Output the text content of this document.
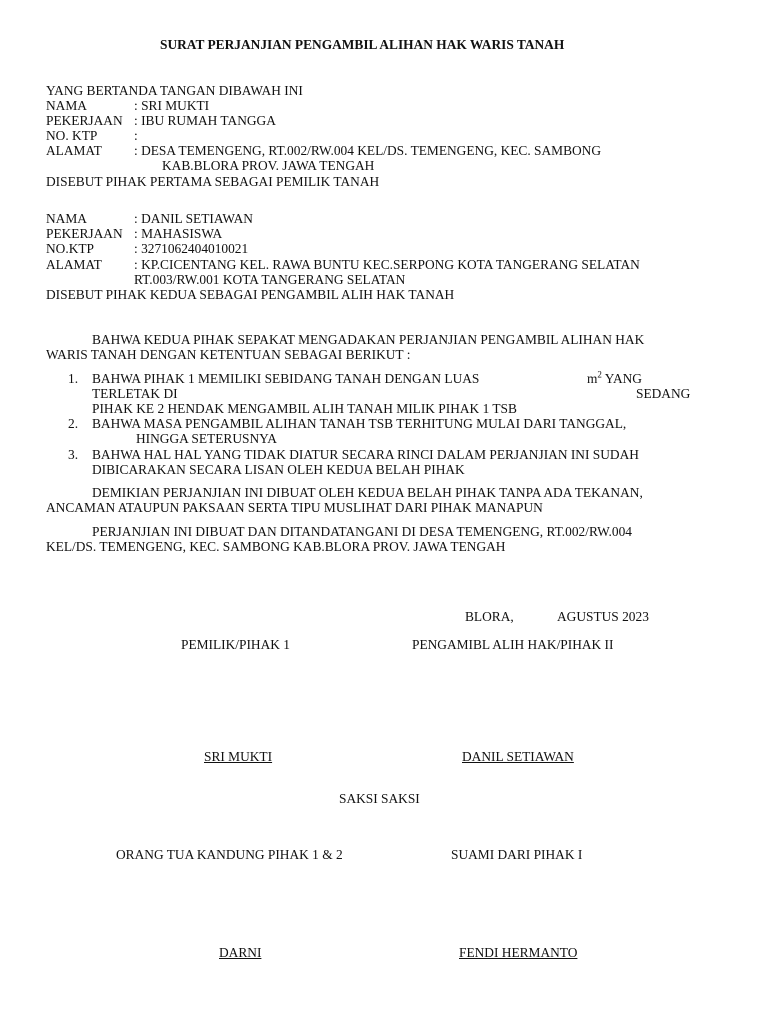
SURAT PERJANJIAN PENGAMBIL ALIHAN HAK WARIS TANAH
YANG BERTANDA TANGAN DIBAWAH INI
NAMA	: SRI MUKTI
PEKERJAAN : IBU RUMAH TANGGA
NO. KTP	:
ALAMAT : DESA TEMENGENG, RT.002/RW.004 KEL/DS. TEMENGENG, KEC. SAMBONG
KAB.BLORA PROV. JAWA TENGAH
DISEBUT PIHAK PERTAMA SEBAGAI PEMILIK TANAH
NAMA	: DANIL SETIAWAN
PEKERJAAN : MAHASISWA
NO.KTP	: 3271062404010021
ALAMAT : KP.CICENTANG KEL. RAWA BUNTU KEC.SERPONG KOTA TANGERANG SELATAN
RT.003/RW.001 KOTA TANGERANG SELATAN
DISEBUT PIHAK KEDUA SEBAGAI PENGAMBIL ALIH HAK TANAH
BAHWA KEDUA PIHAK SEPAKAT MENGADAKAN PERJANJIAN PENGAMBIL ALIHAN HAK
WARIS TANAH DENGAN KETENTUAN SEBAGAI BERIKUT :
1. BAHWA PIHAK 1 MEMILIKI SEBIDANG TANAH DENGAN LUAS	$m^2$ YANG
TERLETAK DI	SEDANG
PIHAK KE 2 HENDAK MENGAMBIL ALIH TANAH MILIK PIHAK 1 TSB
2. BAHWA MASA PENGAMBIL ALIHAN TANAH TSB TERHITUNG MULAI DARI TANGGAL,
HINGGA SETERUSNYA
3. BAHWA HAL HAL YANG TIDAK DIATUR SECARA RINCI DALAM PERJANJIAN INI SUDAH
DIBICARAKAN SECARA LISAN OLEH KEDUA BELAH PIHAK
DEMIKIAN PERJANJIAN INI DIBUAT OLEH KEDUA BELAH PIHAK TANPA ADA TEKANAN,
ANCAMAN ATAUPUN PAKSAAN SERTA TIPU MUSLIHAT DARI PIHAK MANAPUN
PERJANJIAN INI DIBUAT DAN DITANDATANGANI DI DESA TEMENGENG, RT.002/RW.004
KEL/DS. TEMENGENG, KEC. SAMBONG KAB.BLORA PROV. JAWA TENGAH
BLORA,	AGUSTUS 2023
PEMILIK/PIHAK 1	PENGAMIBL ALIH HAK/PIHAK II
SRI MUKTI	DANIL SETIAWAN
SAKSI SAKSI
ORANG TUA KANDUNG PIHAK 1 & 2	SUAMI DARI PIHAK I
DARNI	FENDI HERMANTO
